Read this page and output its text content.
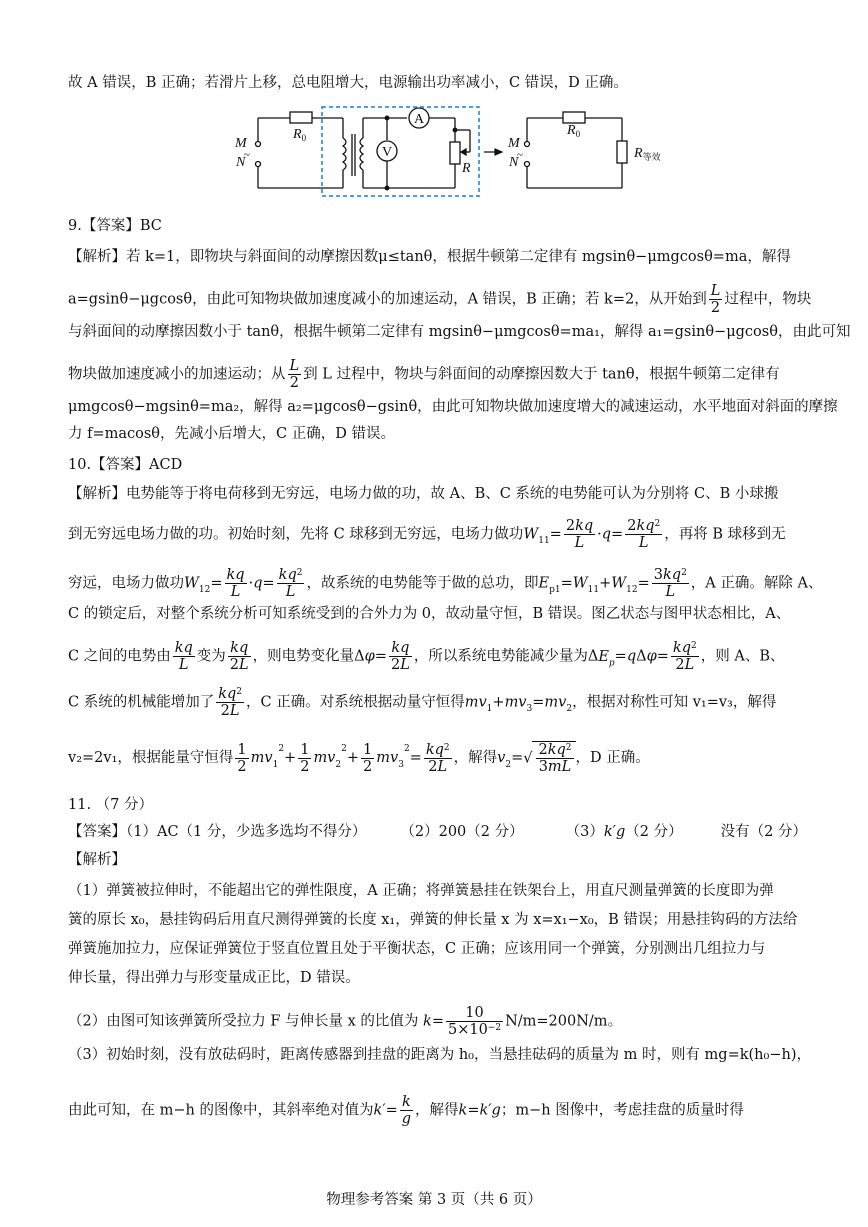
故 A 错误，B 正确；若滑片上移，总电阻增大，电源输出功率减小，C 错误，D 正确。
M
N
~
$R_0$
A
V
R
M
N
~
$R_0$
$R_{等效}$
9.【答案】BC
【解析】若 k=1，即物块与斜面间的动摩擦因数μ≤tanθ，根据牛顿第二定律有 mgsinθ−μmgcosθ=ma，解得
a=gsinθ−μgcosθ，由此可知物块做加速度减小的加速运动，A 错误，B 正确；若 k=2，从开始到 $\frac{L}{2}$ 过程中，物块
与斜面间的动摩擦因数小于 tanθ，根据牛顿第二定律有 mgsinθ−μmgcosθ=ma₁，解得 a₁=gsinθ−μgcosθ，由此可知
物块做加速度减小的加速运动；从 $\frac{L}{2}$ 到 L 过程中，物块与斜面间的动摩擦因数大于 tanθ，根据牛顿第二定律有
μmgcosθ−mgsinθ=ma₂，解得 a₂=μgcosθ−gsinθ，由此可知物块做加速度增大的减速运动，水平地面对斜面的摩擦
力 f=macosθ，先减小后增大，C 正确，D 错误。
10.【答案】ACD
【解析】电势能等于将电荷移到无穷远，电场力做的功，故 A、B、C 系统的电势能可认为分别将 C、B 小球搬
到无穷远电场力做的功。初始时刻，先将 C 球移到无穷远，电场力做功$W11= \frac{2kq}{L} \cdot q= \frac{2kq^2}{L}$ ，再将 B 球移到无
穷远，电场力做功$W12= \frac{kq}{L} \cdot q= \frac{kq^2}{L}$ ，故系统的电势能等于做的总功，即$Ep1=W11+W12= \frac{3kq^2}{L}$ ，A 正确。解除 A、
C 的锁定后，对整个系统分析可知系统受到的合外力为 0，故动量守恒，B 错误。图乙状态与图甲状态相比，A、
C 之间的电势由 $\frac{kq}{L}$ 变为 $\frac{kq}{2L}$ ，则电势变化量$\Delta\varphi= \frac{kq}{2L}$ ，所以系统电势能减少量为$\Delta Ep=q\Delta\varphi= \frac{kq^2}{2L}$ ，则 A、B、
C 系统的机械能增加了 $\frac{kq^2}{2L}$ ，C 正确。对系统根据动量守恒得mv1+mv3=mv2，根据对称性可知 v₁=v₃，解得
v₂=2v₁，根据能量守恒得 $\frac{1}{2} mv1^2+ \frac{1}{2} mv2^2+ \frac{1}{2} mv3^2= \frac{kq^2}{2L}$ ，解得$v2=√ \frac{2kq^2}{3mL}$ ，D 正确。
11. （7 分）
【答案】（1）AC（1 分，少选多选均不得分） （2）200（2 分）	（3）k′g（2 分）	没有（2 分）
【解析】
（1）弹簧被拉伸时，不能超出它的弹性限度，A 正确；将弹簧悬挂在铁架台上，用直尺测量弹簧的长度即为弹
簧的原长 x₀，悬挂钩码后用直尺测得弹簧的长度 x₁，弹簧的伸长量 x 为 x=x₁−x₀，B 错误；用悬挂钩码的方法给
弹簧施加拉力，应保证弹簧位于竖直位置且处于平衡状态，C 正确；应该用同一个弹簧，分别测出几组拉力与
伸长量，得出弹力与形变量成正比，D 错误。
（2）由图可知该弹簧所受拉力 F 与伸长量 x 的比值为 $k= \frac{10}{5\times 10^{-2}} N/m=200N/m$。
（3）初始时刻，没有放砝码时，距离传感器到挂盘的距离为 h₀，当悬挂砝码的质量为 m 时，则有 mg=k(h₀−h)，
由此可知，在 m−h 的图像中，其斜率绝对值为$k'= \frac{k}{g}$ ，解得k=k′g；m−h 图像中，考虑挂盘的质量时得
物理参考答案 第 3 页（共 6 页）
